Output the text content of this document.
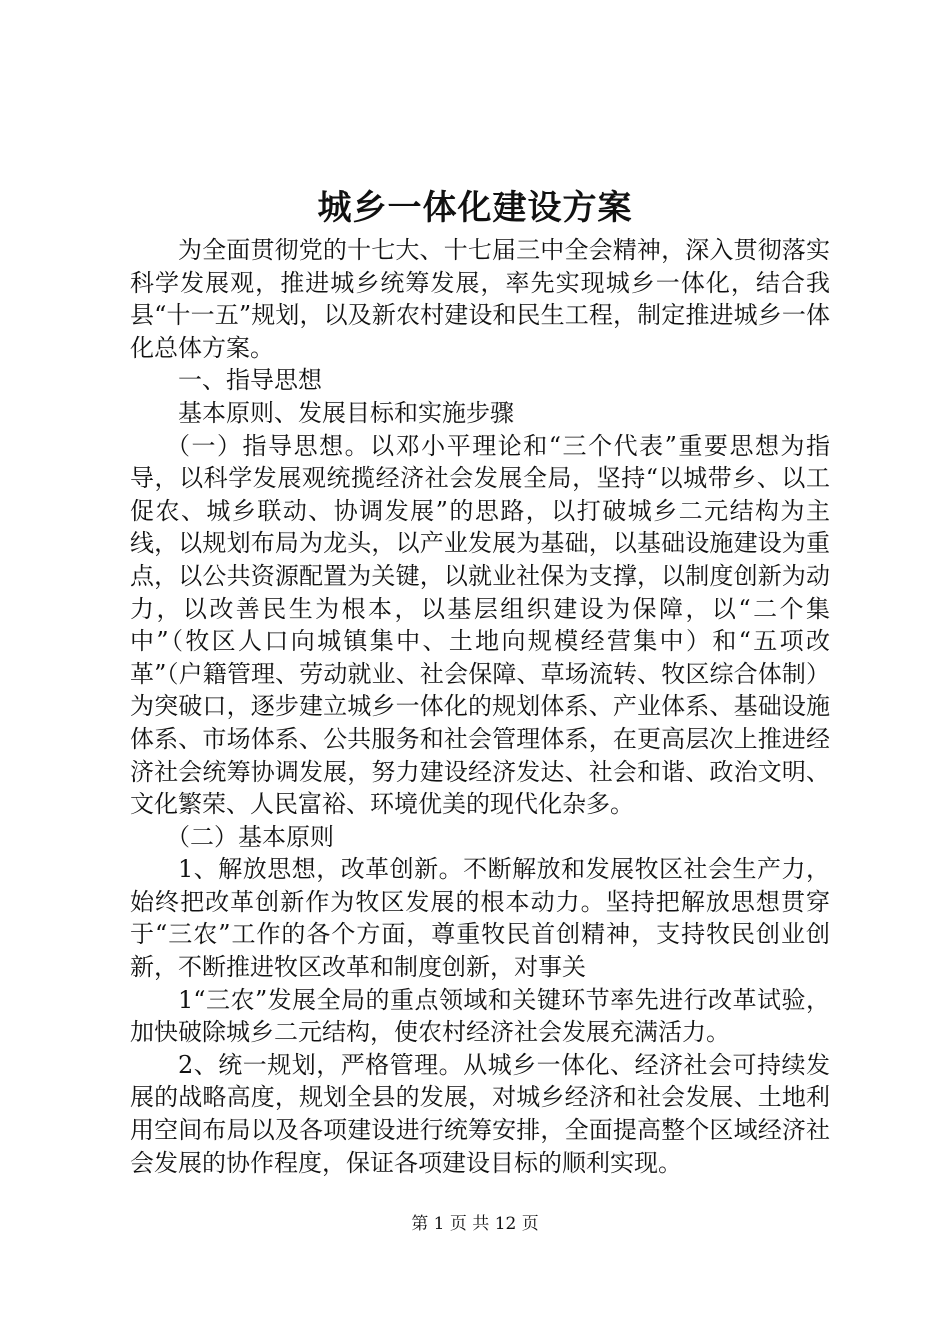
城乡一体化建设方案

为全面贯彻党的十七大、十七届三中全会精神，深入贯彻落实科学发展观，推进城乡统筹发展，率先实现城乡一体化，结合我县“十一五”规划，以及新农村建设和民生工程，制定推进城乡一体化总体方案。

一、指导思想

基本原则、发展目标和实施步骤

（一）指导思想。以邓小平理论和“三个代表”重要思想为指导，以科学发展观统揽经济社会发展全局，坚持“以城带乡、以工促农、城乡联动、协调发展”的思路，以打破城乡二元结构为主线，以规划布局为龙头，以产业发展为基础，以基础设施建设为重点，以公共资源配置为关键，以就业社保为支撑，以制度创新为动力，以改善民生为根本，以基层组织建设为保障，以“二个集中”（牧区人口向城镇集中、土地向规模经营集中）和“五项改革”（户籍管理、劳动就业、社会保障、草场流转、牧区综合体制）为突破口，逐步建立城乡一体化的规划体系、产业体系、基础设施体系、市场体系、公共服务和社会管理体系，在更高层次上推进经济社会统筹协调发展，努力建设经济发达、社会和谐、政治文明、文化繁荣、人民富裕、环境优美的现代化杂多。

（二）基本原则

1、解放思想，改革创新。不断解放和发展牧区社会生产力，始终把改革创新作为牧区发展的根本动力。坚持把解放思想贯穿于“三农”工作的各个方面，尊重牧民首创精神，支持牧民创业创新，不断推进牧区改革和制度创新，对事关

1“三农”发展全局的重点领域和关键环节率先进行改革试验，加快破除城乡二元结构，使农村经济社会发展充满活力。

2、统一规划，严格管理。从城乡一体化、经济社会可持续发展的战略高度，规划全县的发展，对城乡经济和社会发展、土地利用空间布局以及各项建设进行统筹安排，全面提高整个区域经济社会发展的协作程度，保证各项建设目标的顺利实现。

第 1 页 共 12 页
